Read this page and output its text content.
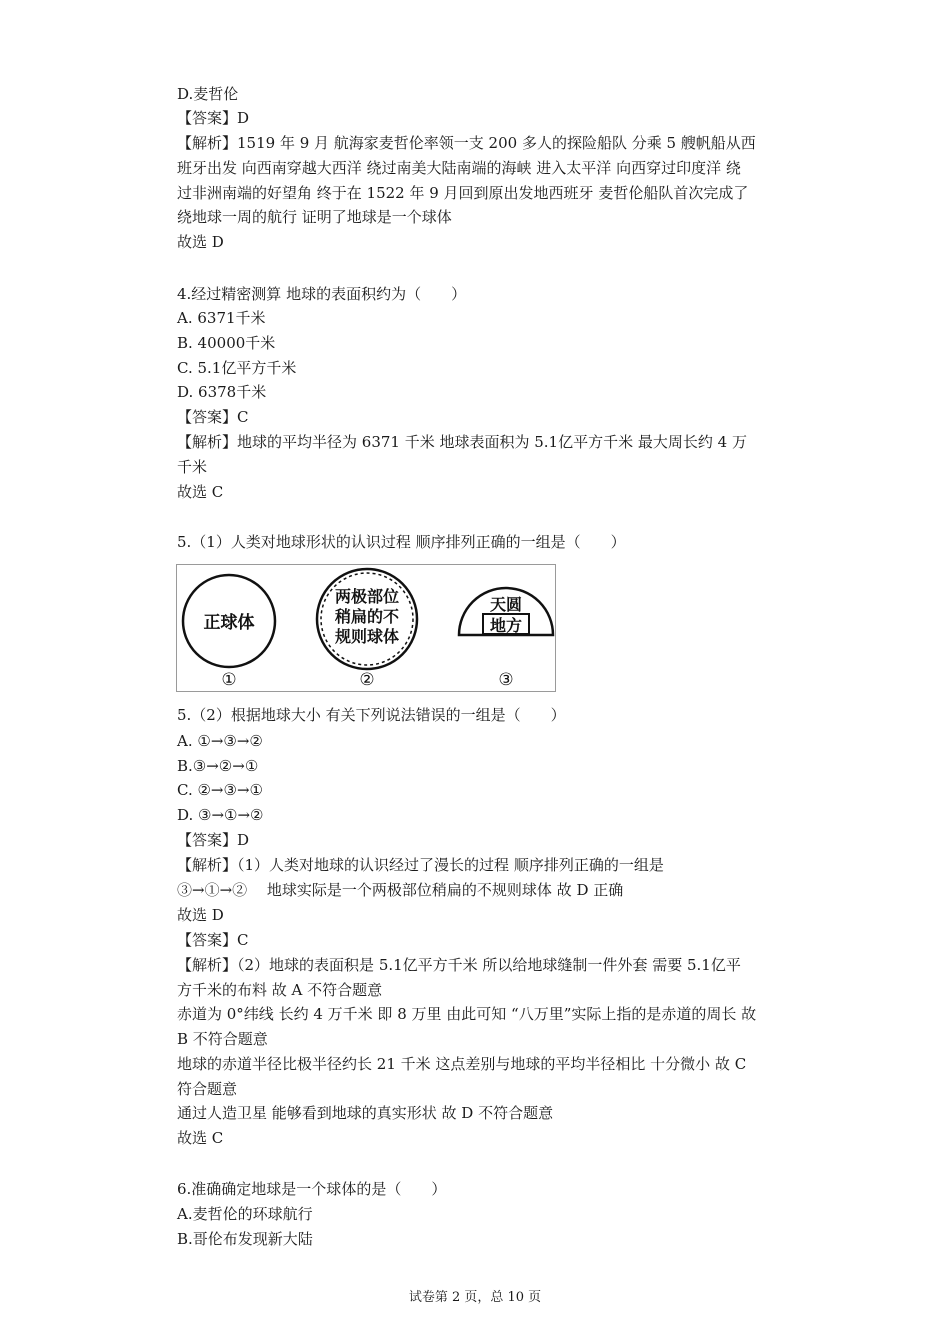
D.麦哲伦
【答案】D
【解析】1519 年 9 月 航海家麦哲伦率领一支 200 多人的探险船队 分乘 5 艘帆船从西
班牙出发 向西南穿越大西洋 绕过南美大陆南端的海峡 进入太平洋 向西穿过印度洋 绕
过非洲南端的好望角 终于在 1522 年 9 月回到原出发地西班牙 麦哲伦船队首次完成了
绕地球一周的航行 证明了地球是一个球体
故选 D
4.经过精密测算 地球的表面积约为（　　）
A. 6371千米
B. 40000千米
C. 5.1亿平方千米
D. 6378千米
【答案】C
【解析】地球的平均半径为 6371 千米 地球表面积为 5.1亿平方千米 最大周长约 4 万
千米
故选 C
5.（1）人类对地球形状的认识过程 顺序排列正确的一组是（　　）
正球体
①
两极部位
稍扁的不
规则球体
②
天圆
地方
③
5.（2）根据地球大小 有关下列说法错误的一组是（　　）
A. ①→③→②
B.③→②→①
C. ②→③→①
D. ③→①→②
【答案】D
【解析】（1）人类对地球的认识经过了漫长的过程 顺序排列正确的一组是
③→①→②　 地球实际是一个两极部位稍扁的不规则球体 故 D 正确
故选 D
【答案】C
【解析】（2）地球的表面积是 5.1亿平方千米 所以给地球缝制一件外套 需要 5.1亿平
方千米的布料 故 A 不符合题意
赤道为 0°纬线 长约 4 万千米 即 8 万里 由此可知 “八万里”实际上指的是赤道的周长 故
B 不符合题意
地球的赤道半径比极半径约长 21 千米 这点差别与地球的平均半径相比 十分微小 故 C
符合题意
通过人造卫星 能够看到地球的真实形状 故 D 不符合题意
故选 C
6.准确确定地球是一个球体的是（　　）
A.麦哲伦的环球航行
B.哥伦布发现新大陆
试卷第 2 页，总 10 页
